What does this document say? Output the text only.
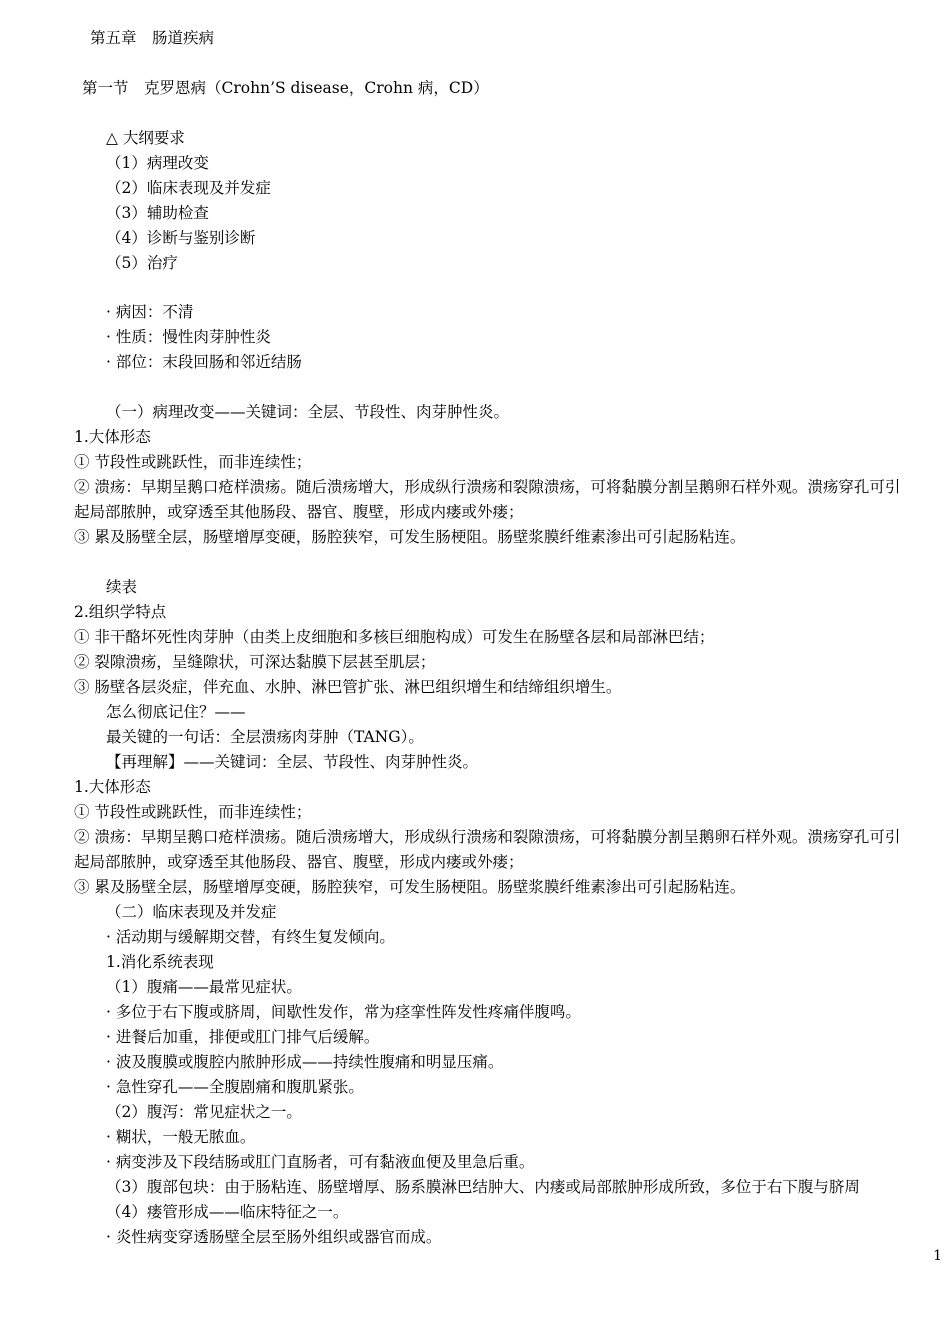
第五章　肠道疾病
第一节　克罗恩病（Crohn’S disease，Crohn 病，CD）
△ 大纲要求
（1）病理改变
（2）临床表现及并发症
（3）辅助检查
（4）诊断与鉴别诊断
（5）治疗
· 病因：不清
· 性质：慢性肉芽肿性炎
· 部位：末段回肠和邻近结肠
（一）病理改变——关键词：全层、节段性、肉芽肿性炎。
1.大体形态
① 节段性或跳跃性，而非连续性；
② 溃疡：早期呈鹅口疮样溃疡。随后溃疡增大，形成纵行溃疡和裂隙溃疡，可将黏膜分割呈鹅卵石样外观。溃疡穿孔可引
起局部脓肿，或穿透至其他肠段、器官、腹壁，形成内瘘或外瘘；
③ 累及肠壁全层，肠壁增厚变硬，肠腔狭窄，可发生肠梗阻。肠壁浆膜纤维素渗出可引起肠粘连。
续表
2.组织学特点
① 非干酪坏死性肉芽肿（由类上皮细胞和多核巨细胞构成）可发生在肠壁各层和局部淋巴结；
② 裂隙溃疡，呈缝隙状，可深达黏膜下层甚至肌层；
③ 肠壁各层炎症，伴充血、水肿、淋巴管扩张、淋巴组织增生和结缔组织增生。
怎么彻底记住？——
最关键的一句话：全层溃疡肉芽肿（TANG）。
【再理解】——关键词：全层、节段性、肉芽肿性炎。
1.大体形态
① 节段性或跳跃性，而非连续性；
② 溃疡：早期呈鹅口疮样溃疡。随后溃疡增大，形成纵行溃疡和裂隙溃疡，可将黏膜分割呈鹅卵石样外观。溃疡穿孔可引
起局部脓肿，或穿透至其他肠段、器官、腹壁，形成内瘘或外瘘；
③ 累及肠壁全层，肠壁增厚变硬，肠腔狭窄，可发生肠梗阻。肠壁浆膜纤维素渗出可引起肠粘连。
（二）临床表现及并发症
· 活动期与缓解期交替，有终生复发倾向。
1.消化系统表现
（1）腹痛——最常见症状。
· 多位于右下腹或脐周，间歇性发作，常为痉挛性阵发性疼痛伴腹鸣。
· 进餐后加重，排便或肛门排气后缓解。
· 波及腹膜或腹腔内脓肿形成——持续性腹痛和明显压痛。
· 急性穿孔——全腹剧痛和腹肌紧张。
（2）腹泻：常见症状之一。
· 糊状，一般无脓血。
· 病变涉及下段结肠或肛门直肠者，可有黏液血便及里急后重。
（3）腹部包块：由于肠粘连、肠壁增厚、肠系膜淋巴结肿大、内瘘或局部脓肿形成所致，多位于右下腹与脐周
（4）瘘管形成——临床特征之一。
· 炎性病变穿透肠壁全层至肠外组织或器官而成。
1
